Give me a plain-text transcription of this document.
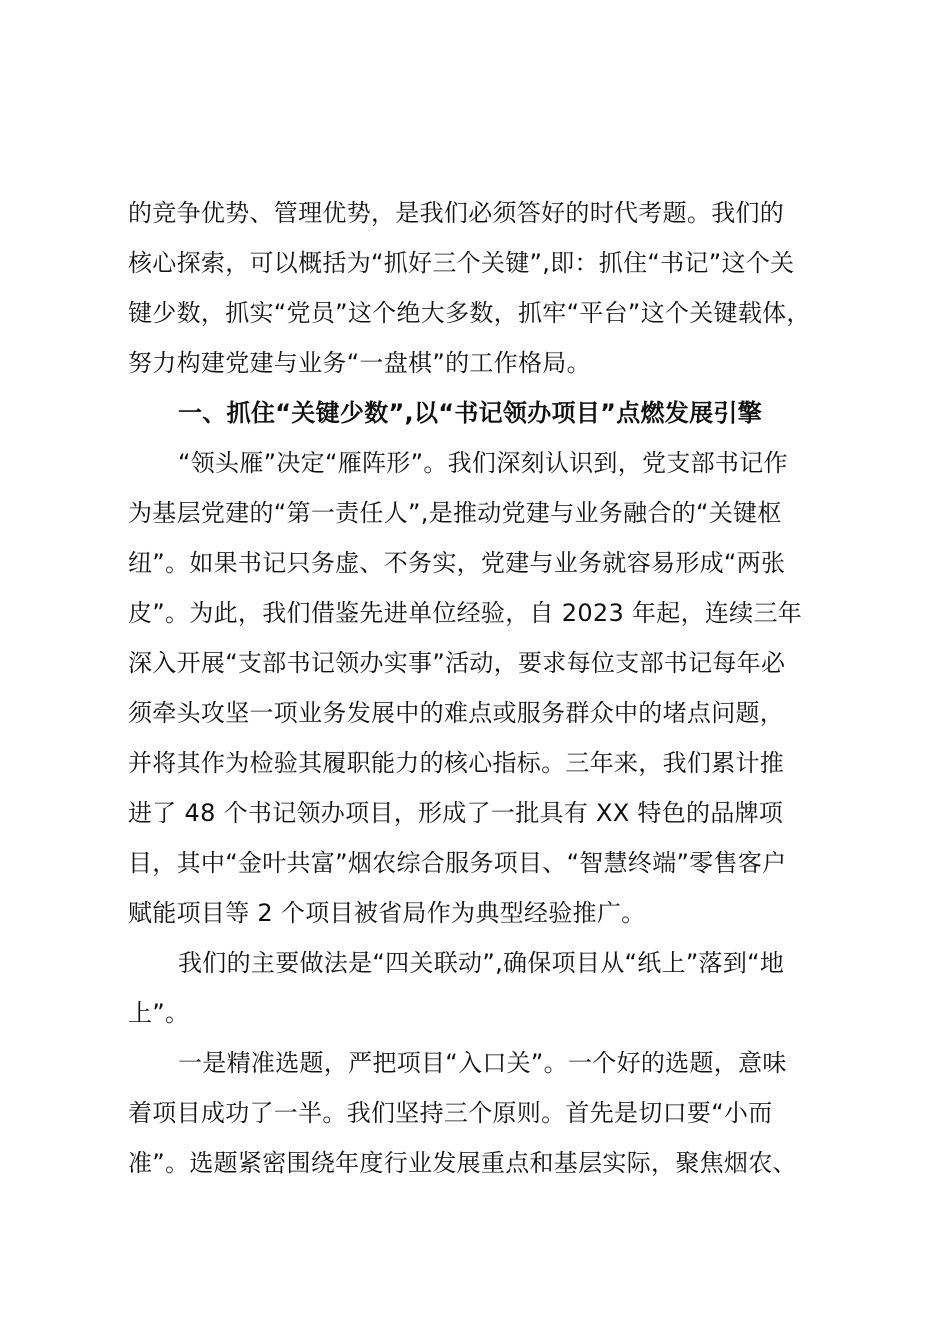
的竞争优势、管理优势，是我们必须答好的时代考题。我们的
核心探索，可以概括为“抓好三个关键”,即：抓住“书记”这个关
键少数，抓实“党员”这个绝大多数，抓牢“平台”这个关键载体，
努力构建党建与业务“一盘棋”的工作格局。
一、抓住“关键少数”,以“书记领办项目”点燃发展引擎
“领头雁”决定“雁阵形”。我们深刻认识到，党支部书记作
为基层党建的“第一责任人”,是推动党建与业务融合的“关键枢
纽”。如果书记只务虚、不务实，党建与业务就容易形成“两张
皮”。为此，我们借鉴先进单位经验，自 2023 年起，连续三年
深入开展“支部书记领办实事”活动，要求每位支部书记每年必
须牵头攻坚一项业务发展中的难点或服务群众中的堵点问题，
并将其作为检验其履职能力的核心指标。三年来，我们累计推
进了 48 个书记领办项目，形成了一批具有 XX 特色的品牌项
目，其中“金叶共富”烟农综合服务项目、“智慧终端”零售客户
赋能项目等 2 个项目被省局作为典型经验推广。
我们的主要做法是“四关联动”,确保项目从“纸上”落到“地
上”。
一是精准选题，严把项目“入口关”。一个好的选题，意味
着项目成功了一半。我们坚持三个原则。首先是切口要“小而
准”。选题紧密围绕年度行业发展重点和基层实际，聚焦烟农、
